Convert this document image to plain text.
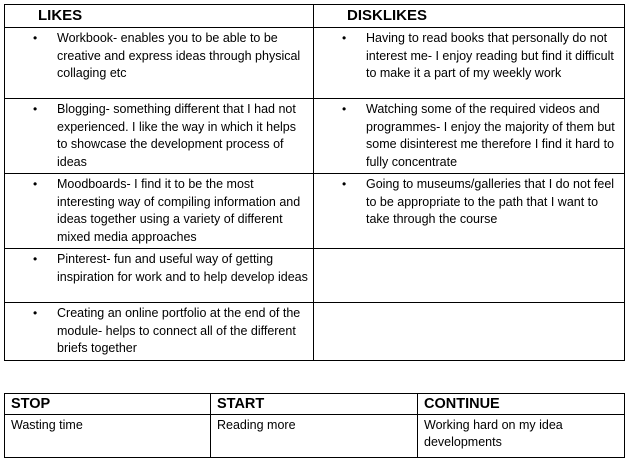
LIKES	DISKLIKES

• Workbook- enables you to be able to be creative and express ideas through physical collaging etc	• Having to read books that personally do not interest me- I enjoy reading but find it difficult to make it a part of my weekly work

• Blogging- something different that I had not experienced. I like the way in which it helps to showcase the development process of ideas	• Watching some of the required videos and programmes- I enjoy the majority of them but some disinterest me therefore I find it hard to fully concentrate

• Moodboards- I find it to be the most interesting way of compiling information and ideas together using a variety of different mixed media approaches	• Going to museums/galleries that I do not feel to be appropriate to the path that I want to take through the course

• Pinterest- fun and useful way of getting inspiration for work and to help develop ideas	

• Creating an online portfolio at the end of the module- helps to connect all of the different briefs together	

STOP	START	CONTINUE
Wasting time	Reading more	Working hard on my idea developments
